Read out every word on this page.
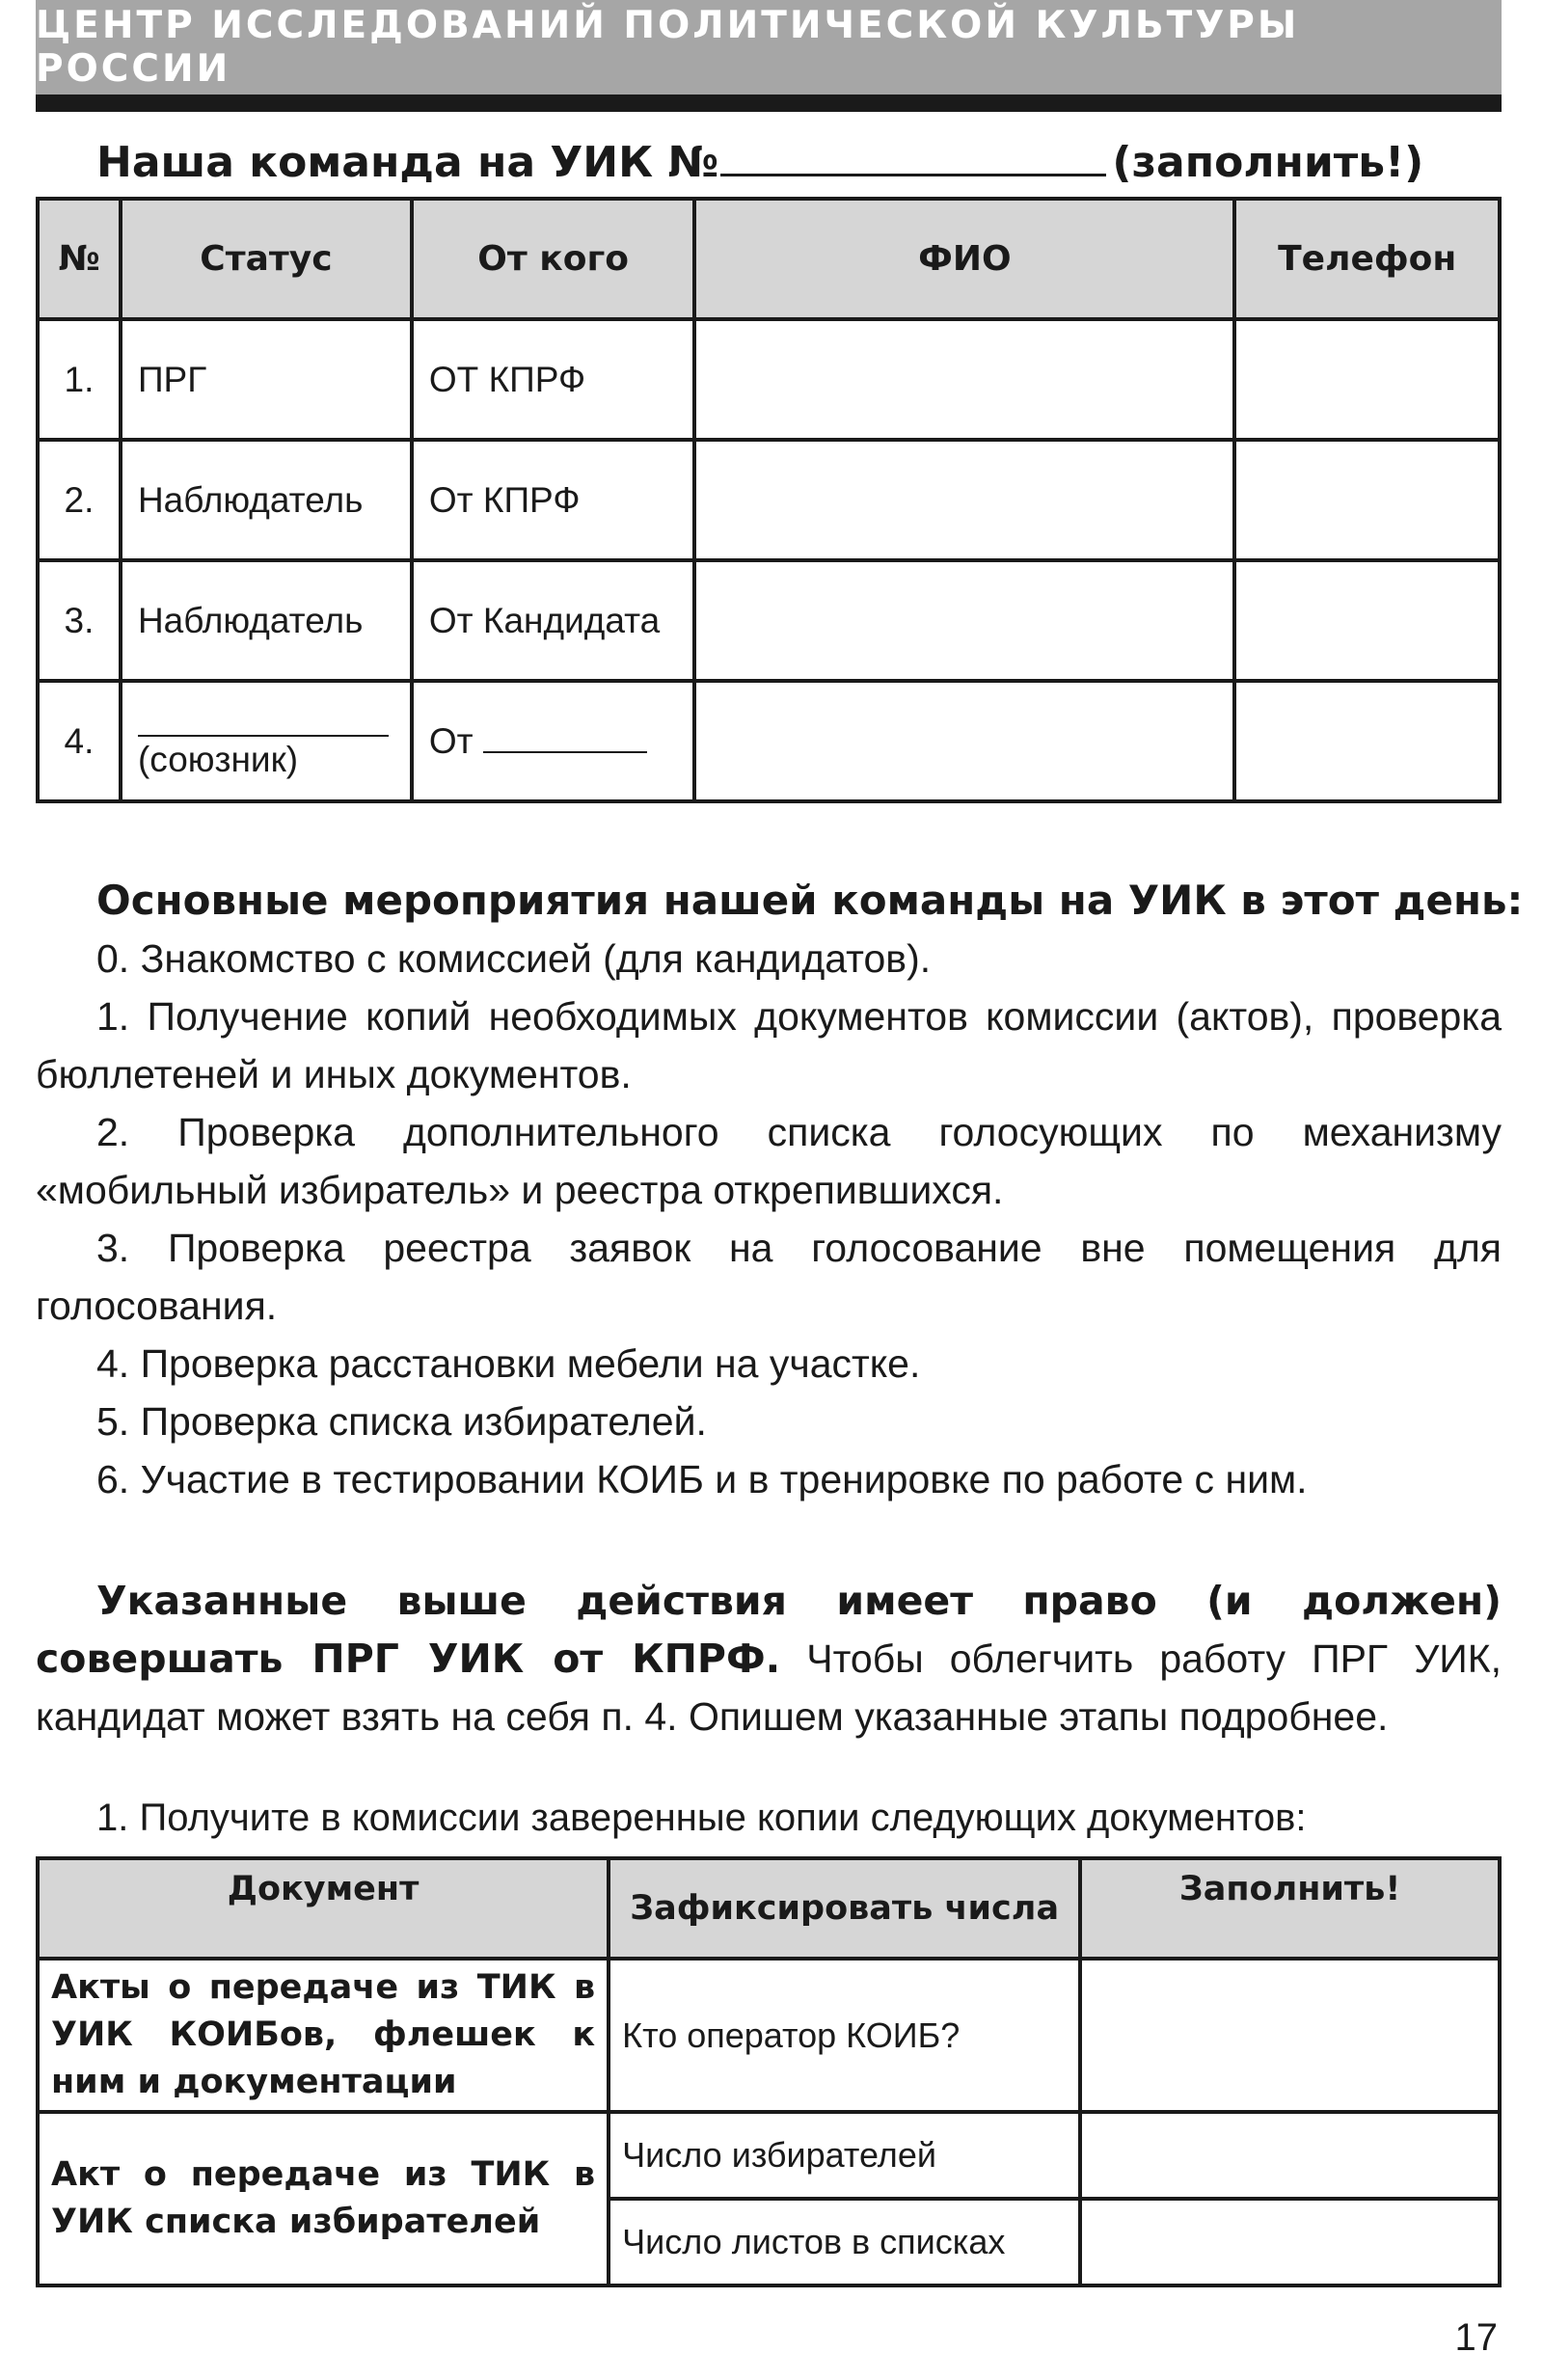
ЦЕНТР ИССЛЕДОВАНИЙ ПОЛИТИЧЕСКОЙ КУЛЬТУРЫ РОССИИ
Наша команда на УИК №	(заполнить!)
№	Статус	От кого	ФИО	Телефон
1.	ПРГ	ОТ КПРФ		
2.	Наблюдатель	От КПРФ		
3.	Наблюдатель	От Кандидата		
4.	(союзник)	От		

Основные мероприятия нашей команды на УИК в этот день:

0. Знакомство с комиссией (для кандидатов).

1. Получение копий необходимых документов комиссии (актов), проверка бюллетеней и иных документов.

2. Проверка дополнительного списка голосующих по механизму «мобильный избиратель» и реестра открепившихся.

3. Проверка реестра заявок на голосование вне помещения для голосования.

4. Проверка расстановки мебели на участке.

5. Проверка списка избирателей.

6. Участие в тестировании КОИБ и в тренировке по работе с ним.

Указанные выше действия имеет право (и должен) совершать ПРГ УИК от КПРФ. Чтобы облегчить работу ПРГ УИК, кандидат может взять на себя п. 4. Опишем указанные этапы подробнее.

1. Получите в комиссии заверенные копии следующих документов:
Документ	Зафиксировать числа	Заполнить!
Акты о передаче из ТИК в УИК КОИБов, флешек к ним и документации	Кто оператор КОИБ?	
Акт о передаче из ТИК в УИК списка избирателей	Число избирателей	
	Число листов в списках	
17
